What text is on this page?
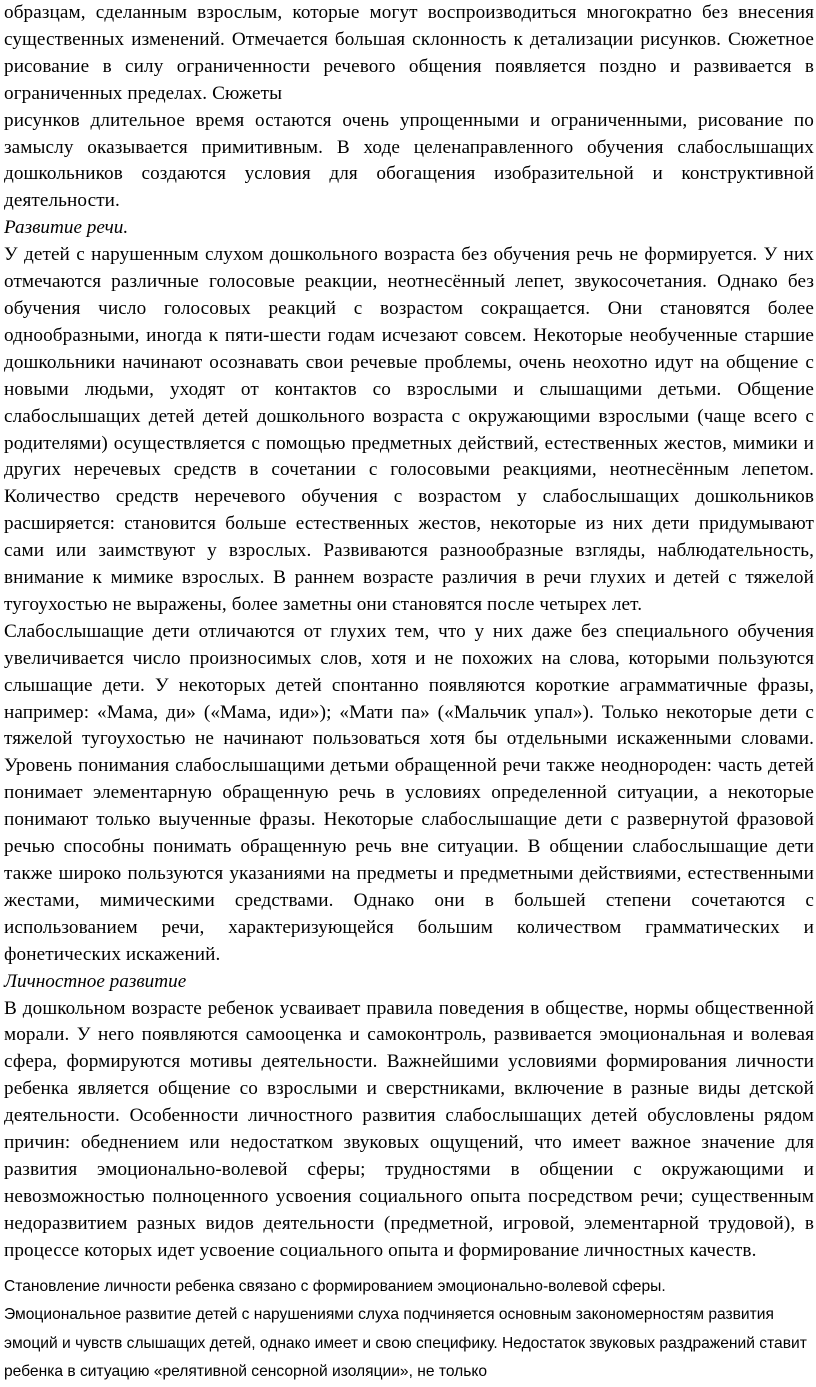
образцам, сделанным взрослым, которые могут воспроизводиться многократно без внесения существенных изменений. Отмечается большая склонность к детализации рисунков. Сюжетное рисование в силу ограниченности речевого общения появляется поздно и развивается в ограниченных пределах. Сюжеты

рисунков длительное время остаются очень упрощенными и ограниченными, рисование по замыслу оказывается примитивным. В ходе целенаправленного обучения слабослышащих дошкольников создаются условия для обогащения изобразительной и конструктивной деятельности.

Развитие речи.

У детей с нарушенным слухом дошкольного возраста без обучения речь не формируется. У них отмечаются различные голосовые реакции, неотнесённый лепет, звукосочетания. Однако без обучения число голосовых реакций с возрастом сокращается. Они становятся более однообразными, иногда к пяти-шести годам исчезают совсем. Некоторые необученные старшие дошкольники начинают осознавать свои речевые проблемы, очень неохотно идут на общение с новыми людьми, уходят от контактов со взрослыми и слышащими детьми. Общение слабослышащих детей детей дошкольного возраста с окружающими взрослыми (чаще всего с родителями) осуществляется с помощью предметных действий, естественных жестов, мимики и других неречевых средств в сочетании с голосовыми реакциями, неотнесённым лепетом. Количество средств неречевого обучения с возрастом у слабослышащих дошкольников расширяется: становится больше естественных жестов, некоторые из них дети придумывают сами или заимствуют у взрослых. Развиваются разнообразные взгляды, наблюдательность, внимание к мимике взрослых. В раннем возрасте различия в речи глухих и детей с тяжелой тугоухостью не выражены, более заметны они становятся после четырех лет.

Слабослышащие дети отличаются от глухих тем, что у них даже без специального обучения увеличивается число произносимых слов, хотя и не похожих на слова, которыми пользуются слышащие дети. У некоторых детей спонтанно появляются короткие аграмматичные фразы, например: «Мама, ди» («Мама, иди»); «Мати па» («Мальчик упал»). Только некоторые дети с тяжелой тугоухостью не начинают пользоваться хотя бы отдельными искаженными словами. Уровень понимания слабослышащими детьми обращенной речи также неоднороден: часть детей понимает элементарную обращенную речь в условиях определенной ситуации, а некоторые понимают только выученные фразы. Некоторые слабослышащие дети с развернутой фразовой речью способны понимать обращенную речь вне ситуации. В общении слабослышащие дети также широко пользуются указаниями на предметы и предметными действиями, естественными жестами, мимическими средствами. Однако они в большей степени сочетаются с использованием речи, характеризующейся большим количеством грамматических и фонетических искажений.

Личностное развитие

В дошкольном возрасте ребенок усваивает правила поведения в обществе, нормы общественной морали. У него появляются самооценка и самоконтроль, развивается эмоциональная и волевая сфера, формируются мотивы деятельности. Важнейшими условиями формирования личности ребенка является общение со взрослыми и сверстниками, включение в разные виды детской деятельности. Особенности личностного развития слабослышащих детей обусловлены рядом причин: обеднением или недостатком звуковых ощущений, что имеет важное значение для развития эмоционально-волевой сферы; трудностями в общении с окружающими и невозможностью полноценного усвоения социального опыта посредством речи; существенным недоразвитием разных видов деятельности (предметной, игровой, элементарной трудовой), в процессе которых идет усвоение социального опыта и формирование личностных качеств.

Становление личности ребенка связано с формированием эмоционально-волевой сферы.

Эмоциональное развитие детей с нарушениями слуха подчиняется основным закономерностям развития эмоций и чувств слышащих детей, однако имеет и свою специфику. Недостаток звуковых раздражений ставит ребенка в ситуацию «релятивной сенсорной изоляции», не только
